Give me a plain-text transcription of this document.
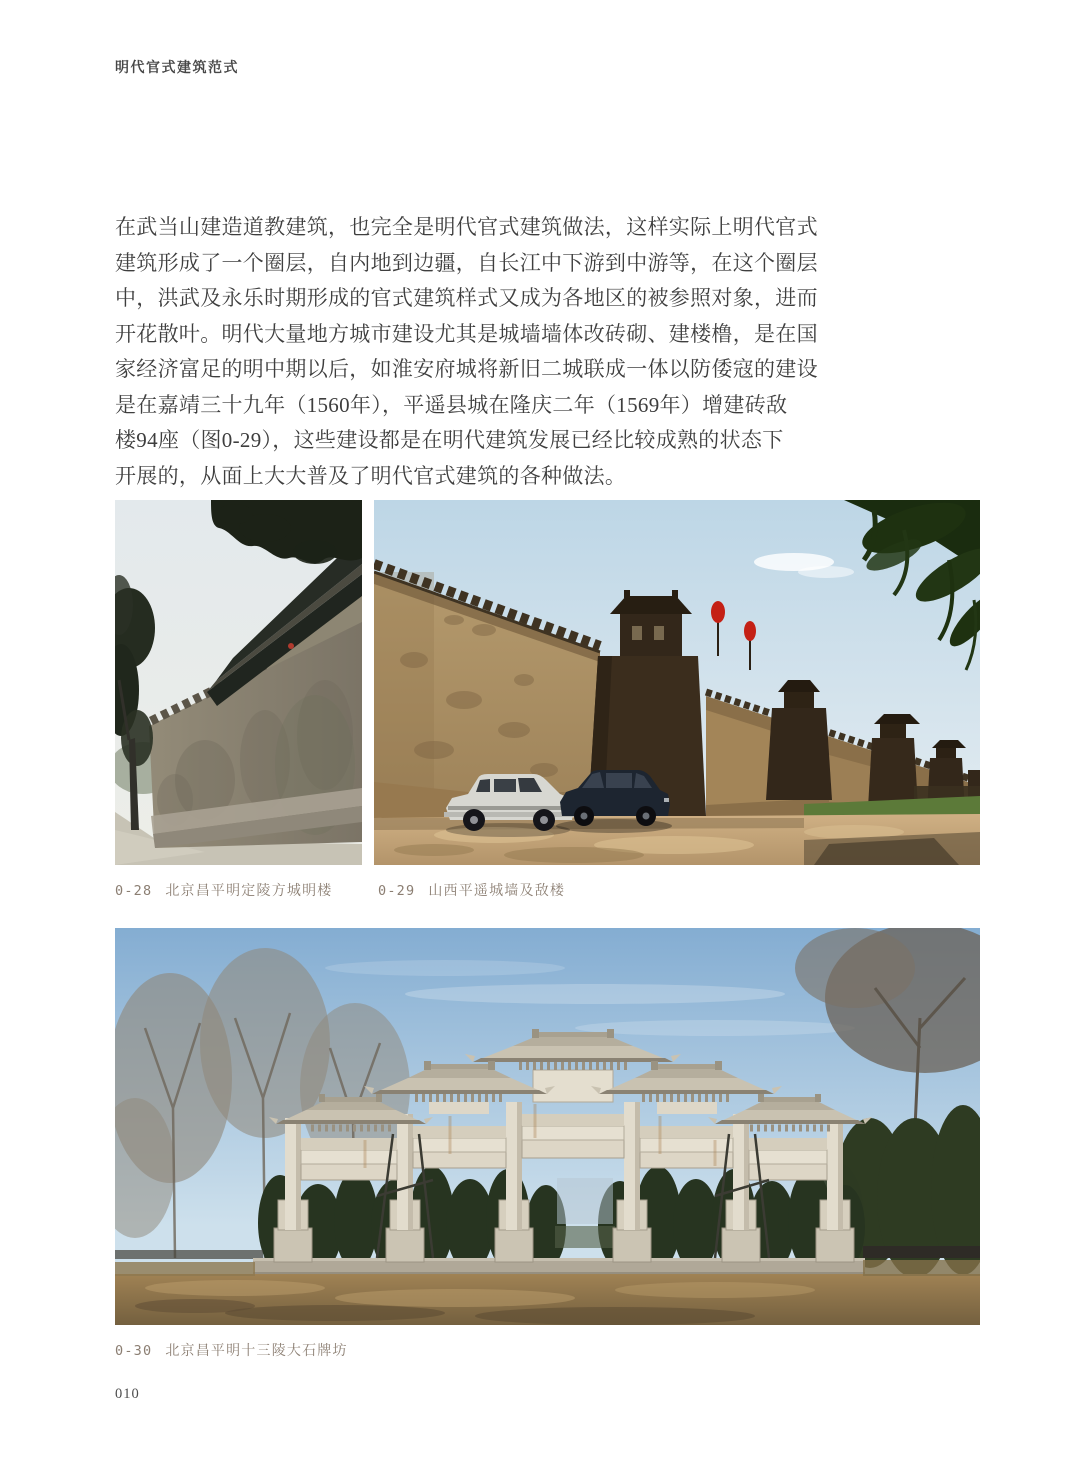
明代官式建筑范式
在武当山建造道教建筑，也完全是明代官式建筑做法，这样实际上明代官式
建筑形成了一个圈层，自内地到边疆，自长江中下游到中游等，在这个圈层
中，洪武及永乐时期形成的官式建筑样式又成为各地区的被参照对象，进而
开花散叶。明代大量地方城市建设尤其是城墙墙体改砖砌、建楼橹，是在国
家经济富足的明中期以后，如淮安府城将新旧二城联成一体以防倭寇的建设
是在嘉靖三十九年（1560年），平遥县城在隆庆二年（1569年）增建砖敌
楼94座（图0-29），这些建设都是在明代建筑发展已经比较成熟的状态下
开展的，从面上大大普及了明代官式建筑的各种做法。
0-28 北京昌平明定陵方城明楼	0-29 山西平遥城墙及敌楼
0-30 北京昌平明十三陵大石牌坊
010
